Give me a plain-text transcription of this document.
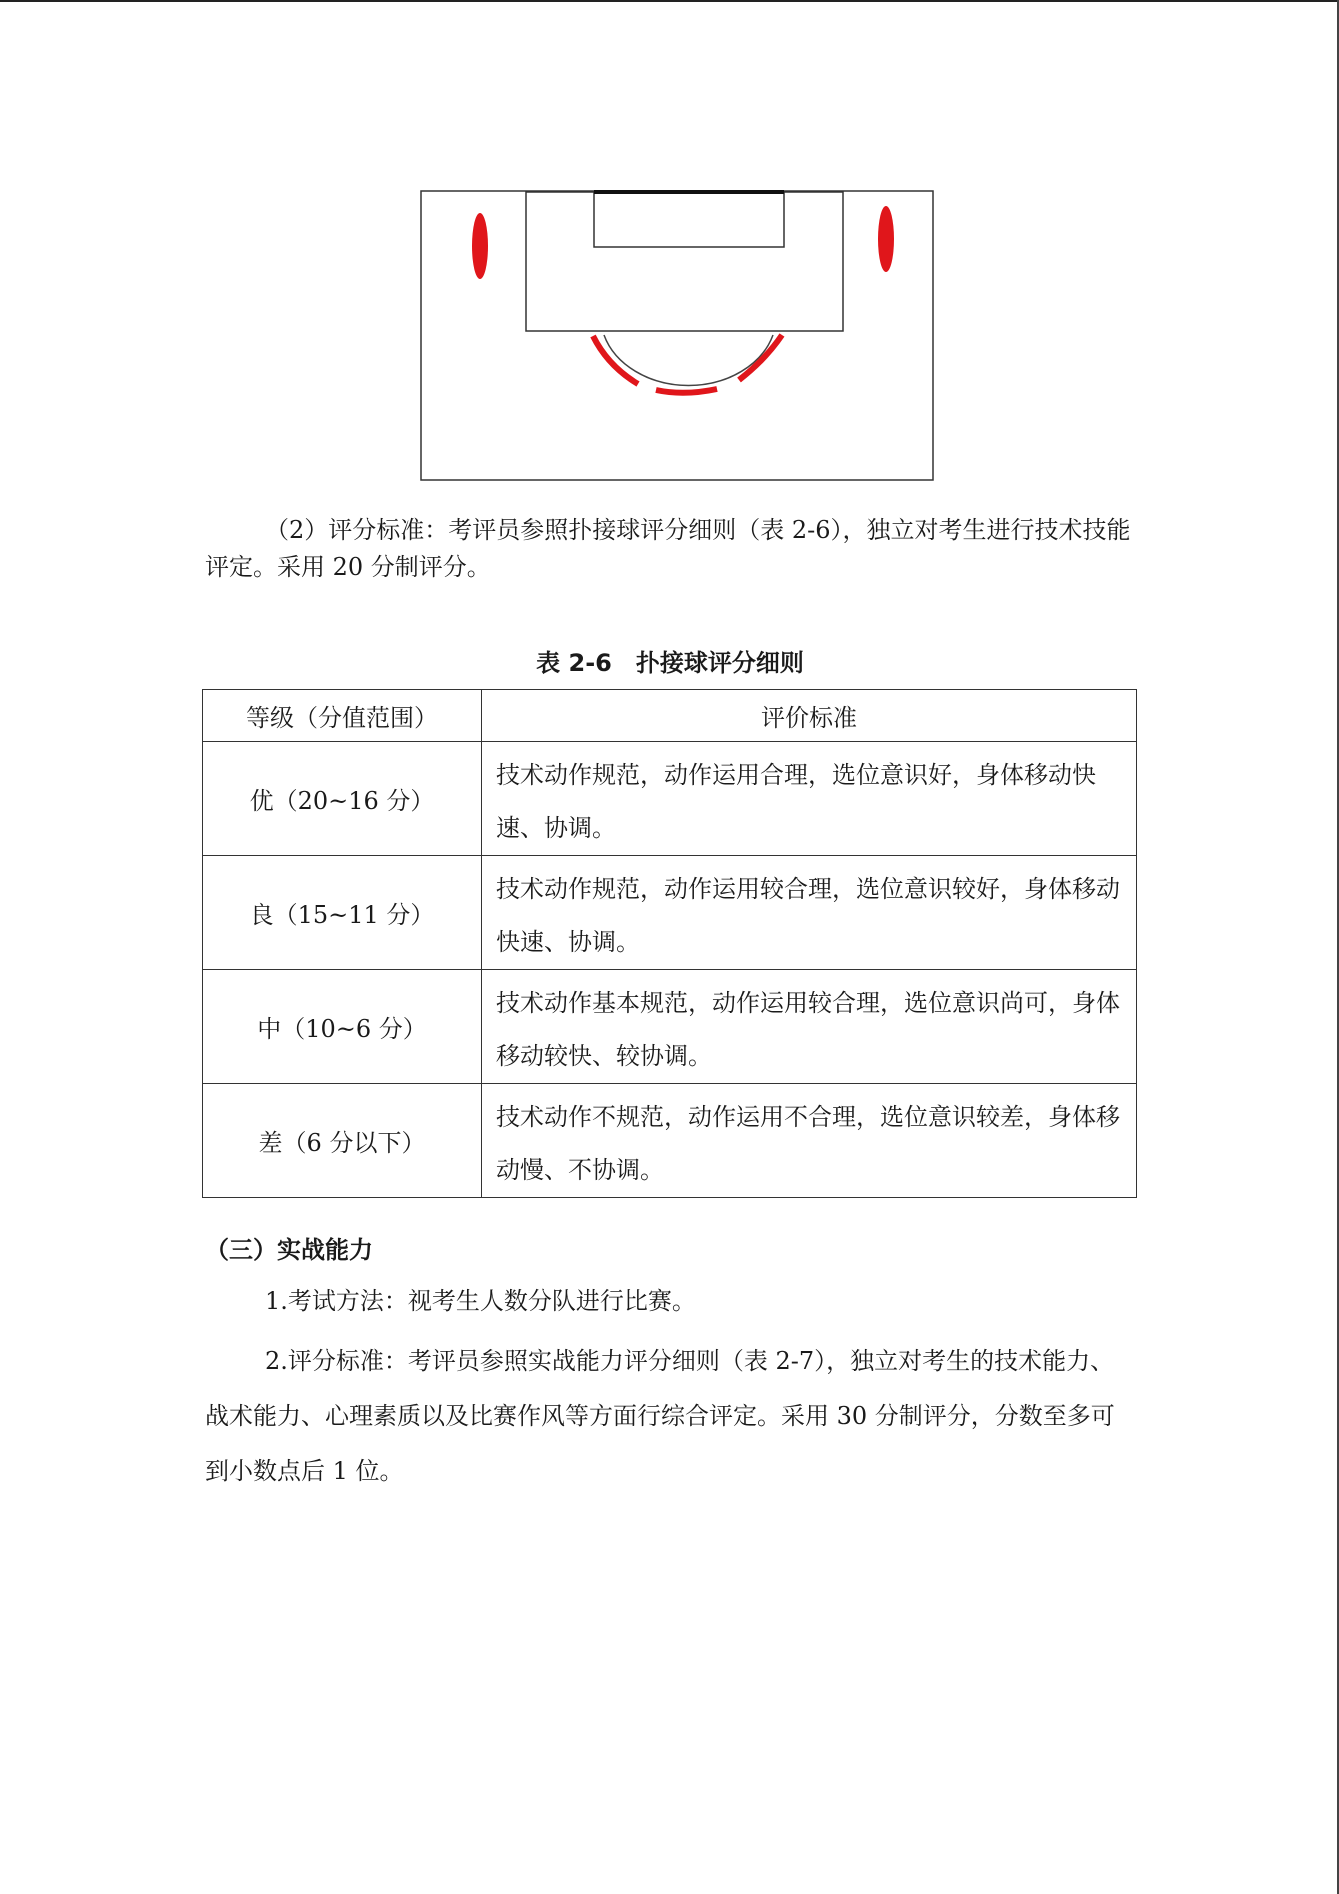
（2）评分标准：考评员参照扑接球评分细则（表 2-6），独立对考生进行技术技能评定。采用 20 分制评分。

表 2-6　扑接球评分细则

等级（分值范围）	评价标准
优（20~16 分）	技术动作规范，动作运用合理，选位意识好，身体移动快速、协调。
良（15~11 分）	技术动作规范，动作运用较合理，选位意识较好，身体移动快速、协调。
中（10~6 分）	技术动作基本规范，动作运用较合理，选位意识尚可，身体移动较快、较协调。
差（6 分以下）	技术动作不规范，动作运用不合理，选位意识较差，身体移动慢、不协调。

（三）实战能力

1.考试方法：视考生人数分队进行比赛。

2.评分标准：考评员参照实战能力评分细则（表 2-7），独立对考生的技术能力、战术能力、心理素质以及比赛作风等方面行综合评定。采用 30 分制评分，分数至多可到小数点后 1 位。
